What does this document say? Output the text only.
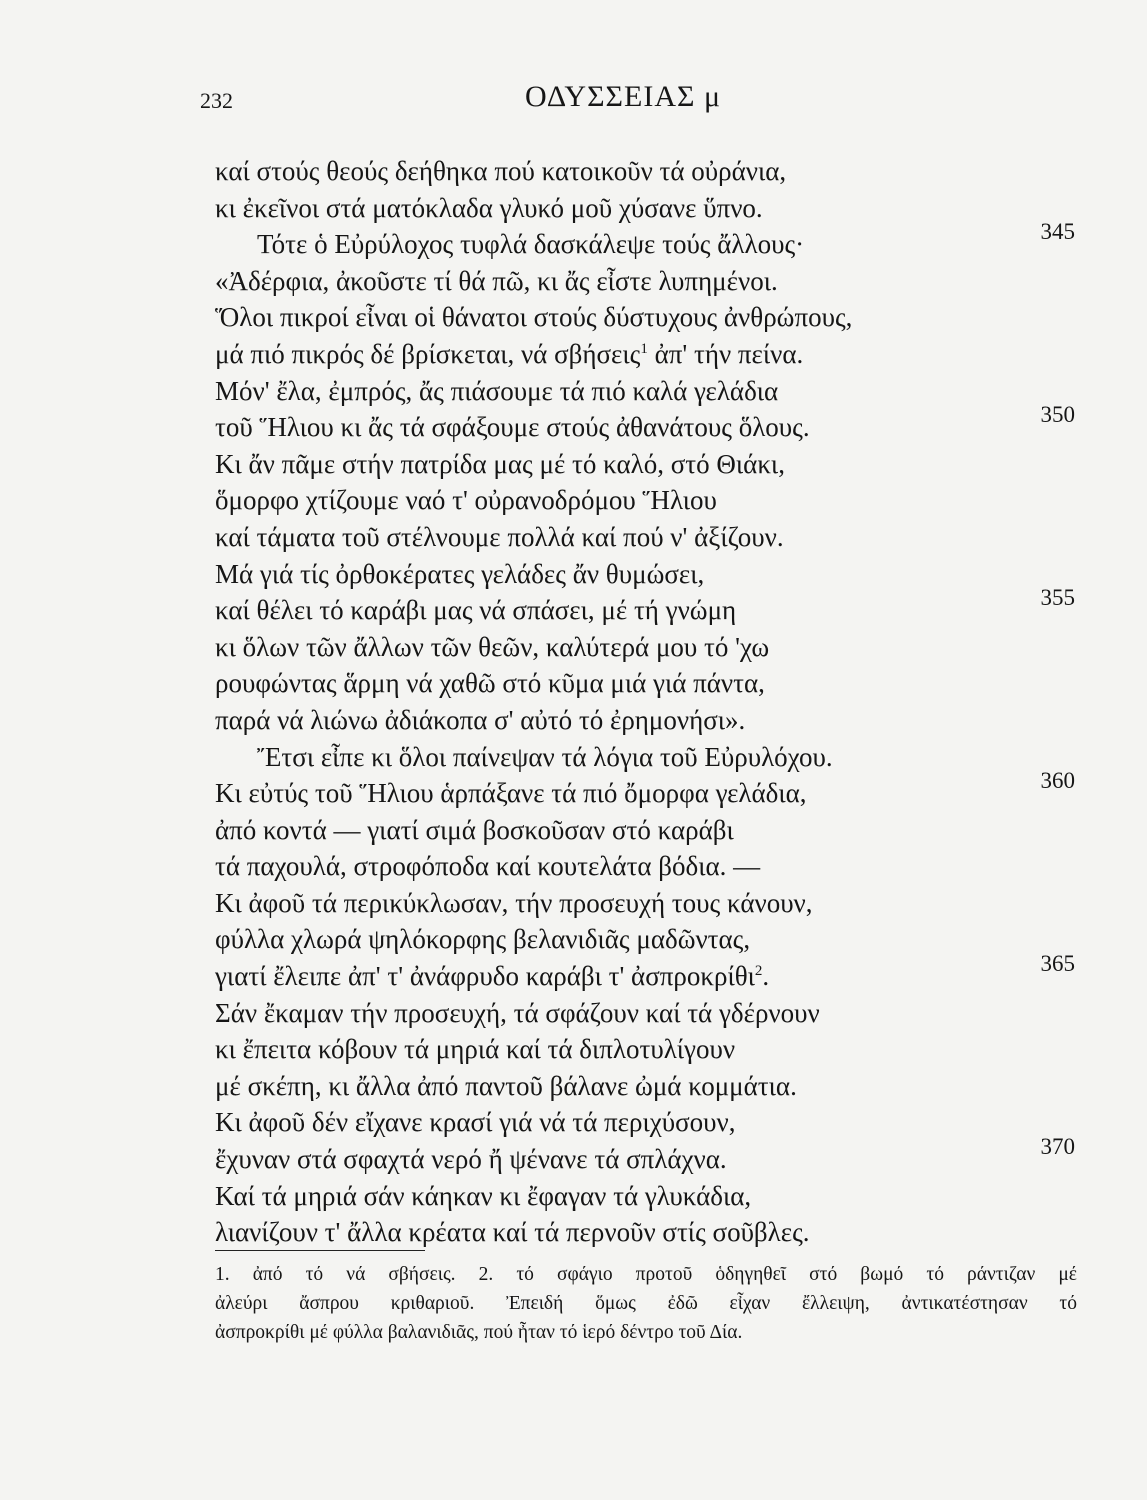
232	ΟΔΥΣΣΕΙΑΣ μ
καί στούς θεούς δεήθηκα πού κατοικοῦν τά οὐράνια,
κι ἐκεῖνοι στά ματόκλαδα γλυκό μοῦ χύσανε ὕπνο.
Τότε ὁ Εὐρύλοχος τυφλά δασκάλεψε τούς ἄλλους·	345
«Ἀδέρφια, ἀκοῦστε τί θά πῶ, κι ἄς εἶστε λυπημένοι.
Ὅλοι πικροί εἶναι οἱ θάνατοι στούς δύστυχους ἀνθρώπους,
μά πιό πικρός δέ βρίσκεται, νά σβήσεις$^1$ ἀπ' τήν πείνα.
Μόν' ἔλα, ἐμπρός, ἄς πιάσουμε τά πιό καλά γελάδια
τοῦ Ἥλιου κι ἄς τά σφάξουμε στούς ἀθανάτους ὅλους.	350
Κι ἄν πᾶμε στήν πατρίδα μας μέ τό καλό, στό Θιάκι,
ὅμορφο χτίζουμε ναό τ' οὐρανοδρόμου Ἥλιου
καί τάματα τοῦ στέλνουμε πολλά καί πού ν' ἀξίζουν.
Μά γιά τίς ὀρθοκέρατες γελάδες ἄν θυμώσει,
καί θέλει τό καράβι μας νά σπάσει, μέ τή γνώμη	355
κι ὅλων τῶν ἄλλων τῶν θεῶν, καλύτερά μου τό 'χω
ρουφώντας ἅρμη νά χαθῶ στό κῦμα μιά γιά πάντα,
παρά νά λιώνω ἀδιάκοπα σ' αὐτό τό ἐρημονήσι».
Ἔτσι εἶπε κι ὅλοι παίνεψαν τά λόγια τοῦ Εὐρυλόχου.
Κι εὐτύς τοῦ Ἥλιου ἁρπάξανε τά πιό ὄμορφα γελάδια,	360
ἀπό κοντά — γιατί σιμά βοσκοῦσαν στό καράβι
τά παχουλά, στροφόποδα καί κουτελάτα βόδια. —
Κι ἀφοῦ τά περικύκλωσαν, τήν προσευχή τους κάνουν,
φύλλα χλωρά ψηλόκορφης βελανιδιᾶς μαδῶντας,
γιατί ἔλειπε ἀπ' τ' ἀνάφρυδο καράβι τ' ἀσπροκρίθι$^2$.	365
Σάν ἔκαμαν τήν προσευχή, τά σφάζουν καί τά γδέρνουν
κι ἔπειτα κόβουν τά μηριά καί τά διπλοτυλίγουν
μέ σκέπη, κι ἄλλα ἀπό παντοῦ βάλανε ὠμά κομμάτια.
Κι ἀφοῦ δέν εἴχανε κρασί γιά νά τά περιχύσουν,
ἔχυναν στά σφαχτά νερό ἤ ψένανε τά σπλάχνα.	370
Καί τά μηριά σάν κάηκαν κι ἔφαγαν τά γλυκάδια,
λιανίζουν τ' ἄλλα κρέατα καί τά περνοῦν στίς σοῦβλες.
1. ἀπό τό νά σβήσεις. 2. τό σφάγιο προτοῦ ὁδηγηθεῖ στό βωμό τό ράντιζαν μέ
ἀλεύρι ἄσπρου κριθαριοῦ. Ἐπειδή ὅμως ἐδῶ εἶχαν ἔλλειψη, ἀντικατέστησαν τό
ἀσπροκρίθι μέ φύλλα βαλανιδιᾶς, πού ἦταν τό ἱερό δέντρο τοῦ Δία.
